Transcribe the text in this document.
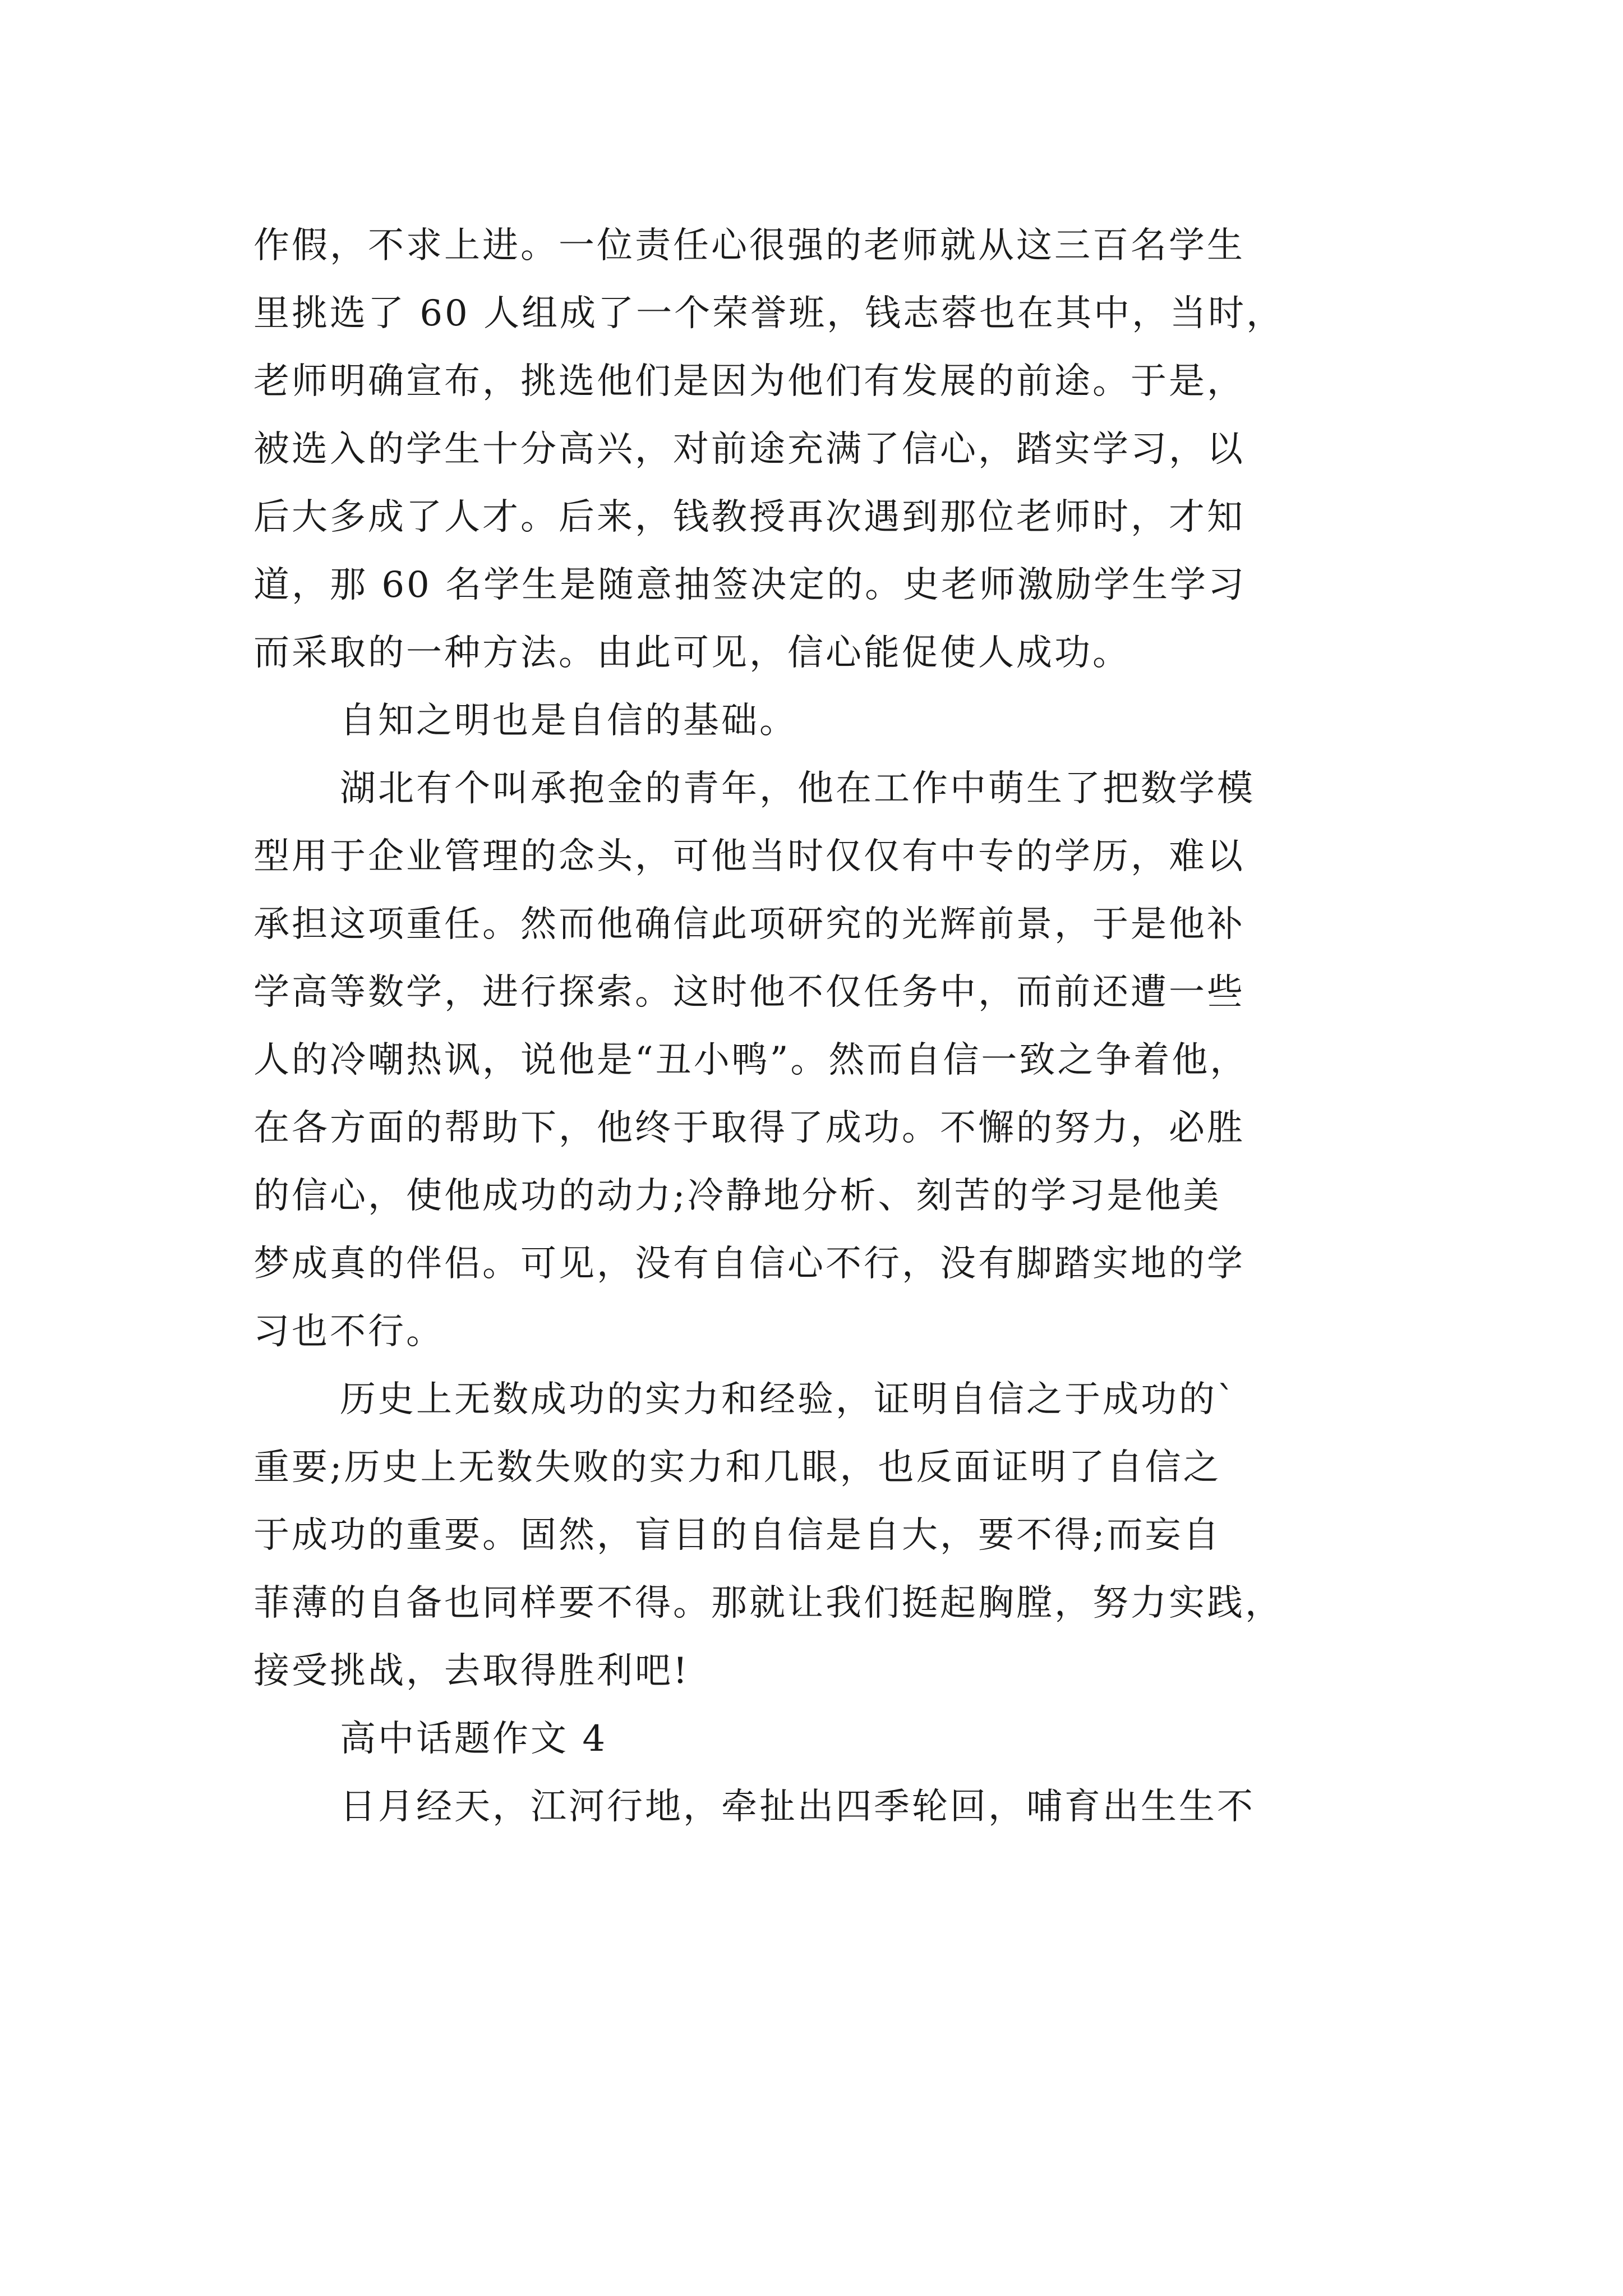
作假，不求上进。一位责任心很强的老师就从这三百名学生
里挑选了 60 人组成了一个荣誉班，钱志蓉也在其中，当时，
老师明确宣布，挑选他们是因为他们有发展的前途。于是，
被选入的学生十分高兴，对前途充满了信心，踏实学习，以
后大多成了人才。后来，钱教授再次遇到那位老师时，才知
道，那 60 名学生是随意抽签决定的。史老师激励学生学习
而采取的一种方法。由此可见，信心能促使人成功。
自知之明也是自信的基础。
湖北有个叫承抱金的青年，他在工作中萌生了把数学模
型用于企业管理的念头，可他当时仅仅有中专的学历，难以
承担这项重任。然而他确信此项研究的光辉前景，于是他补
学高等数学，进行探索。这时他不仅任务中，而前还遭一些
人的冷嘲热讽，说他是“丑小鸭”。然而自信一致之争着他，
在各方面的帮助下，他终于取得了成功。不懈的努力，必胜
的信心，使他成功的动力;冷静地分析、刻苦的学习是他美
梦成真的伴侣。可见，没有自信心不行，没有脚踏实地的学
习也不行。
历史上无数成功的实力和经验，证明自信之于成功的`
重要;历史上无数失败的实力和几眼，也反面证明了自信之
于成功的重要。固然，盲目的自信是自大，要不得;而妄自
菲薄的自备也同样要不得。那就让我们挺起胸膛，努力实践，
接受挑战，去取得胜利吧!
高中话题作文 4
日月经天，江河行地，牵扯出四季轮回，哺育出生生不
